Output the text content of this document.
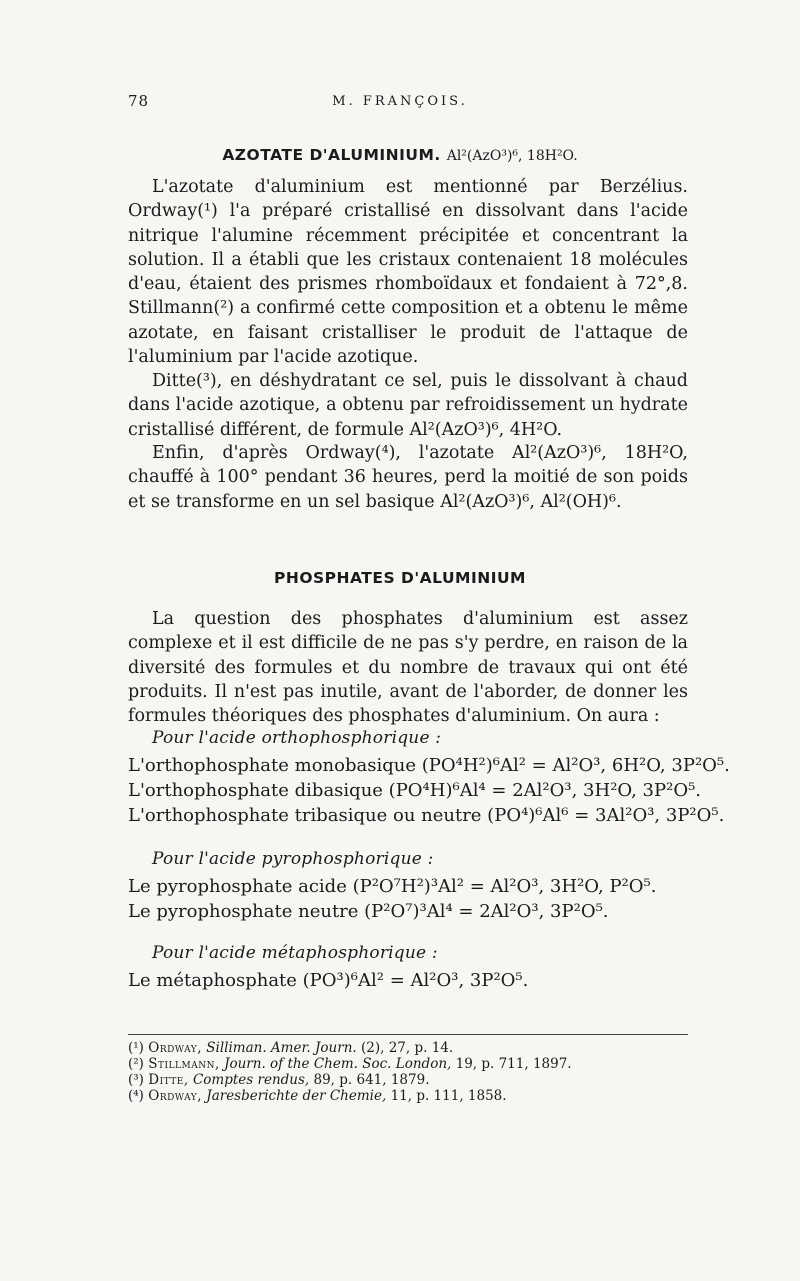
78	M. FRANÇOIS.
AZOTATE D'ALUMINIUM. Al²(AzO³)⁶, 18H²O.

L'azotate d'aluminium est mentionné par Berzélius. Ordway(¹) l'a préparé cristallisé en dissolvant dans l'acide nitrique l'alumine récemment précipitée et concentrant la solution. Il a établi que les cristaux contenaient 18 molécules d'eau, étaient des prismes rhomboïdaux et fondaient à 72°,8. Stillmann(²) a confirmé cette composition et a obtenu le même azotate, en faisant cristalliser le produit de l'attaque de l'aluminium par l'acide azotique.

Ditte(³), en déshydratant ce sel, puis le dissolvant à chaud dans l'acide azotique, a obtenu par refroidissement un hydrate cristallisé différent, de formule Al²(AzO³)⁶, 4H²O.

Enfin, d'après Ordway(⁴), l'azotate Al²(AzO³)⁶, 18H²O, chauffé à 100° pendant 36 heures, perd la moitié de son poids et se transforme en un sel basique Al²(AzO³)⁶, Al²(OH)⁶.

PHOSPHATES D'ALUMINIUM

La question des phosphates d'aluminium est assez complexe et il est difficile de ne pas s'y perdre, en raison de la diversité des formules et du nombre de travaux qui ont été produits. Il n'est pas inutile, avant de l'aborder, de donner les formules théoriques des phosphates d'aluminium. On aura :

Pour l'acide orthophosphorique :
L'orthophosphate monobasique (PO⁴H²)⁶Al² = Al²O³, 6H²O, 3P²O⁵.
L'orthophosphate dibasique (PO⁴H)⁶Al⁴ = 2Al²O³, 3H²O, 3P²O⁵.
L'orthophosphate tribasique ou neutre (PO⁴)⁶Al⁶ = 3Al²O³, 3P²O⁵.
Pour l'acide pyrophosphorique :
Le pyrophosphate acide (P²O⁷H²)³Al² = Al²O³, 3H²O, P²O⁵.
Le pyrophosphate neutre (P²O⁷)³Al⁴ = 2Al²O³, 3P²O⁵.
Pour l'acide métaphosphorique :
Le métaphosphate (PO³)⁶Al² = Al²O³, 3P²O⁵.
(¹) Ordway, Silliman. Amer. Journ. (2), 27, p. 14.
(²) Stillmann, Journ. of the Chem. Soc. London, 19, p. 711, 1897.
(³) Ditte, Comptes rendus, 89, p. 641, 1879.
(⁴) Ordway, Jaresberichte der Chemie, 11, p. 111, 1858.
